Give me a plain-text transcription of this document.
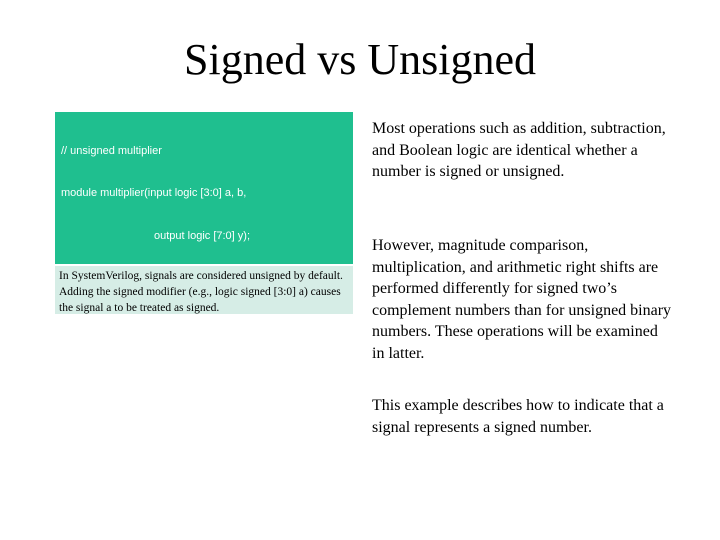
Signed vs Unsigned

// unsigned multiplier

module multiplier(input logic [3:0] a, b,

output logic [7:0] y);

In SystemVerilog, signals are considered unsigned by default. Adding the signed modifier (e.g., logic signed [3:0] a) causes the signal a to be treated as signed.
Most operations such as addition, subtraction, and Boolean logic are identical whether a number is signed or unsigned.
However, magnitude comparison, multiplication, and arithmetic right shifts are performed differently for signed two’s complement numbers than for unsigned binary numbers. These operations will be examined in latter.
This example describes how to indicate that a signal represents a signed number.
